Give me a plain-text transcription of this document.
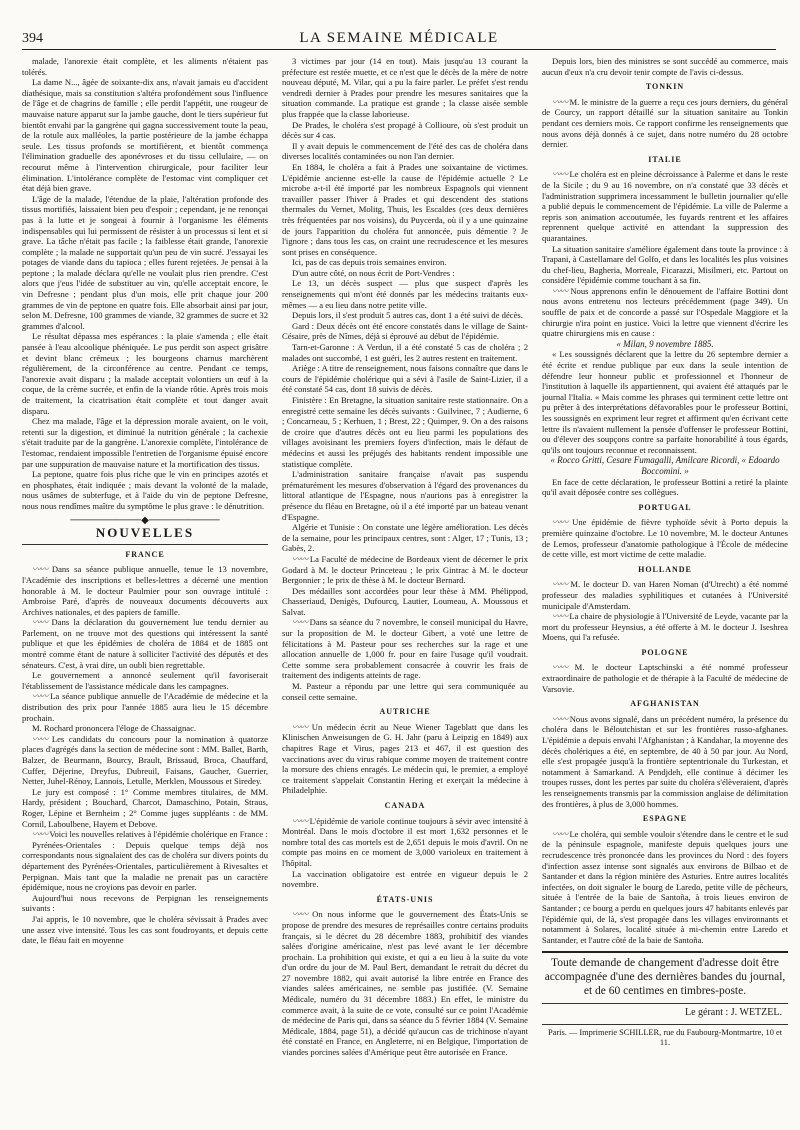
394	LA SEMAINE MÉDICALE

malade, l'anorexie était complète, et les aliments n'étaient pas tolérés.

La dame N..., âgée de soixante-dix ans, n'avait jamais eu d'accident diathésique, mais sa constitution s'altéra profondément sous l'influence de l'âge et de chagrins de famille ; elle perdit l'appétit, une rougeur de mauvaise nature apparut sur la jambe gauche, dont le tiers supérieur fut bientôt envahi par la gangrène qui gagna successivement toute la peau, de la rotule aux malléoles, la partie postérieure de la jambe échappa seule. Les tissus profonds se mortifièrent, et bientôt commença l'élimination graduelle des aponévroses et du tissu cellulaire, — on recourut même à l'intervention chirurgicale, pour faciliter leur élimination. L'intolérance complète de l'estomac vint compliquer cet état déjà bien grave.

L'âge de la malade, l'étendue de la plaie, l'altération profonde des tissus mortifiés, laissaient bien peu d'espoir ; cependant, je ne renonçai pas à la lutte et je songeai à fournir à l'organisme les éléments indispensables qui lui permissent de résister à un processus si lent et si grave. La tâche n'était pas facile ; la faiblesse était grande, l'anorexie complète ; la malade ne supportait qu'un peu de vin sucré. J'essayai les potages de viande dans du tapioca ; elles furent rejetées. Je pensai à la peptone ; la malade déclara qu'elle ne voulait plus rien prendre. C'est alors que j'eus l'idée de substituer au vin, qu'elle acceptait encore, le vin Defresne ; pendant plus d'un mois, elle prit chaque jour 200 grammes de vin de peptone en quatre fois. Elle absorbait ainsi par jour, selon M. Defresne, 100 grammes de viande, 32 grammes de sucre et 32 grammes d'alcool.

Le résultat dépassa mes espérances : la plaie s'amenda ; elle était pansée à l'eau alcoolique phéniquée. Le pus perdit son aspect grisâtre et devint blanc crémeux ; les bourgeons charnus marchèrent régulièrement, de la circonférence au centre. Pendant ce temps, l'anorexie avait disparu ; la malade acceptait volontiers un œuf à la coque, de la crème sucrée, et enfin de la viande rôtie. Après trois mois de traitement, la cicatrisation était complète et tout danger avait disparu.

Chez ma malade, l'âge et la dépression morale avaient, on le voit, retenti sur la digestion, et diminué la nutrition générale ; la cachexie s'était traduite par de la gangrène. L'anorexie complète, l'intolérance de l'estomac, rendaient impossible l'entretien de l'organisme épuisé encore par une suppuration de mauvaise nature et la mortification des tissus.

La peptone, quatre fois plus riche que le vin en principes azotés et en phosphates, était indiquée ; mais devant la volonté de la malade, nous usâmes de subterfuge, et à l'aide du vin de peptone Defresne, nous nous rendîmes maître du symptôme le plus grave : le dénutrition.

──────────◆──────────
NOUVELLES
FRANCE

〰〰 Dans sa séance publique annuelle, tenue le 13 novembre, l'Académie des inscriptions et belles-lettres a décerné une mention honorable à M. le docteur Paulmier pour son ouvrage intitulé : Ambroise Paré, d'après de nouveaux documents découverts aux Archives nationales, et des papiers de famille.

〰〰 Dans la déclaration du gouvernement lue tendu dernier au Parlement, on ne trouve mot des questions qui intéressent la santé publique et que les épidémies de choléra de 1884 et de 1885 ont montré comme étant de nature à solliciter l'activité des députés et des sénateurs. C'est, à vrai dire, un oubli bien regrettable.

Le gouvernement a annoncé seulement qu'il favoriserait l'établissement de l'assistance médicale dans les campagnes.

〰〰 La séance publique annuelle de l'Académie de médecine et la distribution des prix pour l'année 1885 aura lieu le 15 décembre prochain.

M. Rochard prononcera l'éloge de Chassaignac.

〰〰 Les candidats du concours pour la nomination à quatorze places d'agrégés dans la section de médecine sont : MM. Ballet, Barth, Balzer, de Beurmann, Bourcy, Brault, Brissaud, Broca, Chauffard, Cuffer, Déjerine, Dreyfus, Dubreuil, Faisans, Gaucher, Guerrier, Netter, Juhel-Rénoy, Lannois, Letulle, Merklen, Moussous et Siredey.

Le jury est composé : 1° Comme membres titulaires, de MM. Hardy, président ; Bouchard, Charcot, Damaschino, Potain, Straus, Roger, Lépine et Bernheim ; 2° Comme juges suppléants : de MM. Cornil, Laboulbene, Hayem et Debove.

〰〰 Voici les nouvelles relatives à l'épidémie cholérique en France :

Pyrénées-Orientales : Depuis quelque temps déjà nos correspondants nous signalaient des cas de choléra sur divers points du département des Pyrénées-Orientales, particulièrement à Rivesaltes et Perpignan. Mais tant que la maladie ne prenait pas un caractère épidémique, nous ne croyions pas devoir en parler.

Aujourd'hui nous recevons de Perpignan les renseignements suivants :

J'ai appris, le 10 novembre, que le choléra sévissait à Prades avec une assez vive intensité. Tous les cas sont foudroyants, et depuis cette date, le fléau fait en moyenne

3 victimes par jour (14 en tout). Mais jusqu'au 13 courant la préfecture est restée muette, et ce n'est que le décès de la mère de notre nouveau député, M. Vilar, qui a pu la faire parler. Le préfet s'est rendu vendredi dernier à Prades pour prendre les mesures sanitaires que la situation commande. La pratique est grande ; la classe aisée semble plus frappée que la classe laborieuse.

De Prades, le choléra s'est propagé à Collioure, où s'est produit un décès sur 4 cas.

Il y avait depuis le commencement de l'été des cas de choléra dans diverses localités contaminées ou non l'an dernier.

En 1884, le choléra a fait à Prades une soixantaine de victimes. L'épidémie ancienne est-elle la cause de l'épidémie actuelle ? Le microbe a-t-il été importé par les nombreux Espagnols qui viennent travailler passer l'hiver à Prades et qui descendent des stations thermales du Vernet, Molitg, Thuis, les Escaldes (ces deux dernières très fréquentées par nos voisins), du Puycerda, où il y a une quinzaine de jours l'apparition du choléra fut annoncée, puis démentie ? Je l'ignore ; dans tous les cas, on craint une recrudescence et les mesures sont prises en conséquence.

Ici, pas de cas depuis trois semaines environ.

D'un autre côté, on nous écrit de Port-Vendres :

Le 13, un décès suspect — plus que suspect d'après les renseignements qui m'ont été donnés par les médecins traitants eux-mêmes — a eu lieu dans notre petite ville.

Depuis lors, il s'est produit 5 autres cas, dont 1 a été suivi de décès.

Gard : Deux décès ont été encore constatés dans le village de Saint-Césaire, près de Nîmes, déjà si éprouvé au début de l'épidémie.

Tarn-et-Garonne : A Verdun, il a été constaté 5 cas de choléra ; 2 malades ont succombé, 1 est guéri, les 2 autres restent en traitement.

Ariège : A titre de renseignement, nous faisons connaître que dans le cours de l'épidémie cholérique qui a sévi à l'asile de Saint-Lizier, il a été constaté 54 cas, dont 18 suivis de décès.

Finistère : En Bretagne, la situation sanitaire reste stationnaire. On a enregistré cette semaine les décès suivants : Guilvinec, 7 ; Audierne, 6 ; Concarneau, 5 ; Kerhuen, 1 ; Brest, 22 ; Quimper, 9. On a des raisons de croire que d'autres décès ont eu lieu parmi les populations des villages avoisinant les premiers foyers d'infection, mais le défaut de médecins et aussi les préjugés des habitants rendent impossible une statistique complète.

L'administration sanitaire française n'avait pas suspendu prématurément les mesures d'observation à l'égard des provenances du littoral atlantique de l'Espagne, nous n'aurions pas à enregistrer la présence du fléau en Bretagne, où il a été importé par un bateau venant d'Espagne.

Algérie et Tunisie : On constate une légère amélioration. Les décès de la semaine, pour les principaux centres, sont : Alger, 17 ; Tunis, 13 ; Gabès, 2.

〰〰 La Faculté de médecine de Bordeaux vient de décerner le prix Godard à M. le docteur Princeteau ; le prix Gintrac à M. le docteur Bergonnier ; le prix de thèse à M. le docteur Bernard.

Des médailles sont accordées pour leur thèse à MM. Phélippod, Chasseriaud, Denigès, Dufourcq, Lautier, Loumeau, A. Moussous et Salvat.

〰〰 Dans sa séance du 7 novembre, le conseil municipal du Havre, sur la proposition de M. le docteur Gibert, a voté une lettre de félicitations à M. Pasteur pour ses recherches sur la rage et une allocation annuelle de 1,000 fr. pour en faire l'usage qu'il voudrait. Cette somme sera probablement consacrée à couvrir les frais de traitement des indigents atteints de rage.

M. Pasteur a répondu par une lettre qui sera communiquée au conseil cette semaine.

AUTRICHE

〰〰 Un médecin écrit au Neue Wiener Tageblatt que dans les Klinischen Anweisungen de G. H. Jahr (paru à Leipzig en 1849) aux chapitres Rage et Virus, pages 213 et 467, il est question des vaccinations avec du virus rabique comme moyen de traitement contre la morsure des chiens enragés. Le médecin qui, le premier, a employé ce traitement s'appelait Constantin Hering et exerçait la médecine à Philadelphie.

CANADA

〰〰 L'épidémie de variole continue toujours à sévir avec intensité à Montréal. Dans le mois d'octobre il est mort 1,632 personnes et le nombre total des cas mortels est de 2,651 depuis le mois d'avril. On ne compte pas moins en ce moment de 3,000 varioleux en traitement à l'hôpital.

La vaccination obligatoire est entrée en vigueur depuis le 2 novembre.

ÉTATS-UNIS

〰〰 On nous informe que le gouvernement des États-Unis se propose de prendre des mesures de représailles contre certains produits français, si le décret du 28 décembre 1883, prohibitif des viandes salées d'origine américaine, n'est pas levé avant le 1er décembre prochain. La prohibition qui existe, et qui a eu lieu à la suite du vote d'un ordre du jour de M. Paul Bert, demandant le retrait du décret du 27 novembre 1882, qui avait autorisé la libre entrée en France des viandes salées américaines, ne semble pas justifiée. (V. Semaine Médicale, numéro du 31 décembre 1883.) En effet, le ministre du commerce avait, à la suite de ce vote, consulté sur ce point l'Académie de médecine de Paris qui, dans sa séance du 5 février 1884 (V. Semaine Médicale, 1884, page 51), a décidé qu'aucun cas de trichinose n'ayant été constaté en France, en Angleterre, ni en Belgique, l'importation de viandes porcines salées d'Amérique peut être autorisée en France.

Depuis lors, bien des ministres se sont succédé au commerce, mais aucun d'eux n'a cru devoir tenir compte de l'avis ci-dessus.

TONKIN

〰〰 M. le ministre de la guerre a reçu ces jours derniers, du général de Courcy, un rapport détaillé sur la situation sanitaire au Tonkin pendant ces derniers mois. Ce rapport confirme les renseignements que nous avons déjà donnés à ce sujet, dans notre numéro du 28 octobre dernier.

ITALIE

〰〰 Le choléra est en pleine décroissance à Palerme et dans le reste de la Sicile ; du 9 au 16 novembre, on n'a constaté que 33 décès et l'administration supprimera incessamment le bulletin journalier qu'elle a publié depuis le commencement de l'épidémie. La ville de Palerme a repris son animation accoutumée, les fuyards rentrent et les affaires reprennent quelque activité en attendant la suppression des quarantaines.

La situation sanitaire s'améliore également dans toute la province : à Trapani, à Castellamare del Golfo, et dans les localités les plus voisines du chef-lieu, Bagheria, Morreale, Ficarazzi, Misilmeri, etc. Partout on considère l'épidémie comme touchant à sa fin.

〰〰 Nous apprenons enfin le dénouement de l'affaire Bottini dont nous avons entretenu nos lecteurs précédemment (page 349). Un souffle de paix et de concorde a passé sur l'Ospedale Maggiore et la chirurgie n'ira point en justice. Voici la lettre que viennent d'écrire les quatre chirurgiens mis en cause :

« Milan, 9 novembre 1885.

« Les soussignés déclarent que la lettre du 26 septembre dernier a été écrite et rendue publique par eux dans la seule intention de défendre leur honneur public et professionnel et l'honneur de l'institution à laquelle ils appartiennent, qui avaient été attaqués par le journal l'Italia. « Mais comme les phrases qui terminent cette lettre ont pu prêter à des interprétations défavorables pour le professeur Bottini, les soussignés en expriment leur regret et affirment qu'en écrivant cette lettre ils n'avaient nullement la pensée d'offenser le professeur Bottini, ou d'élever des soupçons contre sa parfaite honorabilité à tous égards, qu'ils ont toujours reconnue et reconnaissent.

« Rocco Gritti, Cesare Fumagalli, Amilcare Ricordi, « Edoardo Boccomini. »

En face de cette déclaration, le professeur Bottini a retiré la plainte qu'il avait déposée contre ses collègues.

PORTUGAL

〰〰 Une épidémie de fièvre typhoïde sévit à Porto depuis la première quinzaine d'octobre. Le 10 novembre, M. le docteur Antunes de Lemos, professeur d'anatomie pathologique à l'École de médecine de cette ville, est mort victime de cette maladie.

HOLLANDE

〰〰 M. le docteur D. van Haren Noman (d'Utrecht) a été nommé professeur des maladies syphilitiques et cutanées à l'Université municipale d'Amsterdam.

〰〰 La chaire de physiologie à l'Université de Leyde, vacante par la mort du professeur Heynsius, a été offerte à M. le docteur J. Iseshrea Moens, qui l'a refusée.

POLOGNE

〰〰 M. le docteur Laptschinski a été nommé professeur extraordinaire de pathologie et de thérapie à la Faculté de médecine de Varsovie.

AFGHANISTAN

〰〰 Nous avons signalé, dans un précédent numéro, la présence du choléra dans le Béloutchistan et sur les frontières russo-afghanes. L'épidémie a depuis envahi l'Afghanistan ; à Kandahar, la moyenne des décès cholériques a été, en septembre, de 40 à 50 par jour. Au Nord, elle s'est propagée jusqu'à la frontière septentrionale du Turkestan, et notamment à Samarkand. A Pendjdeh, elle continue à décimer les troupes russes, dont les pertes par suite du choléra s'élèveraient, d'après les renseignements transmis par la commission anglaise de délimitation des frontières, à plus de 3,000 hommes.

ESPAGNE

〰〰 Le choléra, qui semble vouloir s'étendre dans le centre et le sud de la péninsule espagnole, manifeste depuis quelques jours une recrudescence très prononcée dans les provinces du Nord : des foyers d'infection assez intense sont signalés aux environs de Bilbao et de Santander et dans la région minière des Asturies. Entre autres localités infectées, on doit signaler le bourg de Laredo, petite ville de pêcheurs, située à l'entrée de la baie de Santoña, à trois lieues environ de Santander ; ce bourg a perdu en quelques jours 47 habitants enlevés par l'épidémie qui, de là, s'est propagée dans les villages environnants et notamment à Solares, localité située à mi-chemin entre Laredo et Santander, et l'autre côté de la baie de Santoña.

Toute demande de changement d'adresse doit être accompagnée d'une des dernières bandes du journal, et de 60 centimes en timbres-poste.
Le gérant : J. WETZEL.
Paris. — Imprimerie SCHILLER, rue du Faubourg-Montmartre, 10 et 11.
